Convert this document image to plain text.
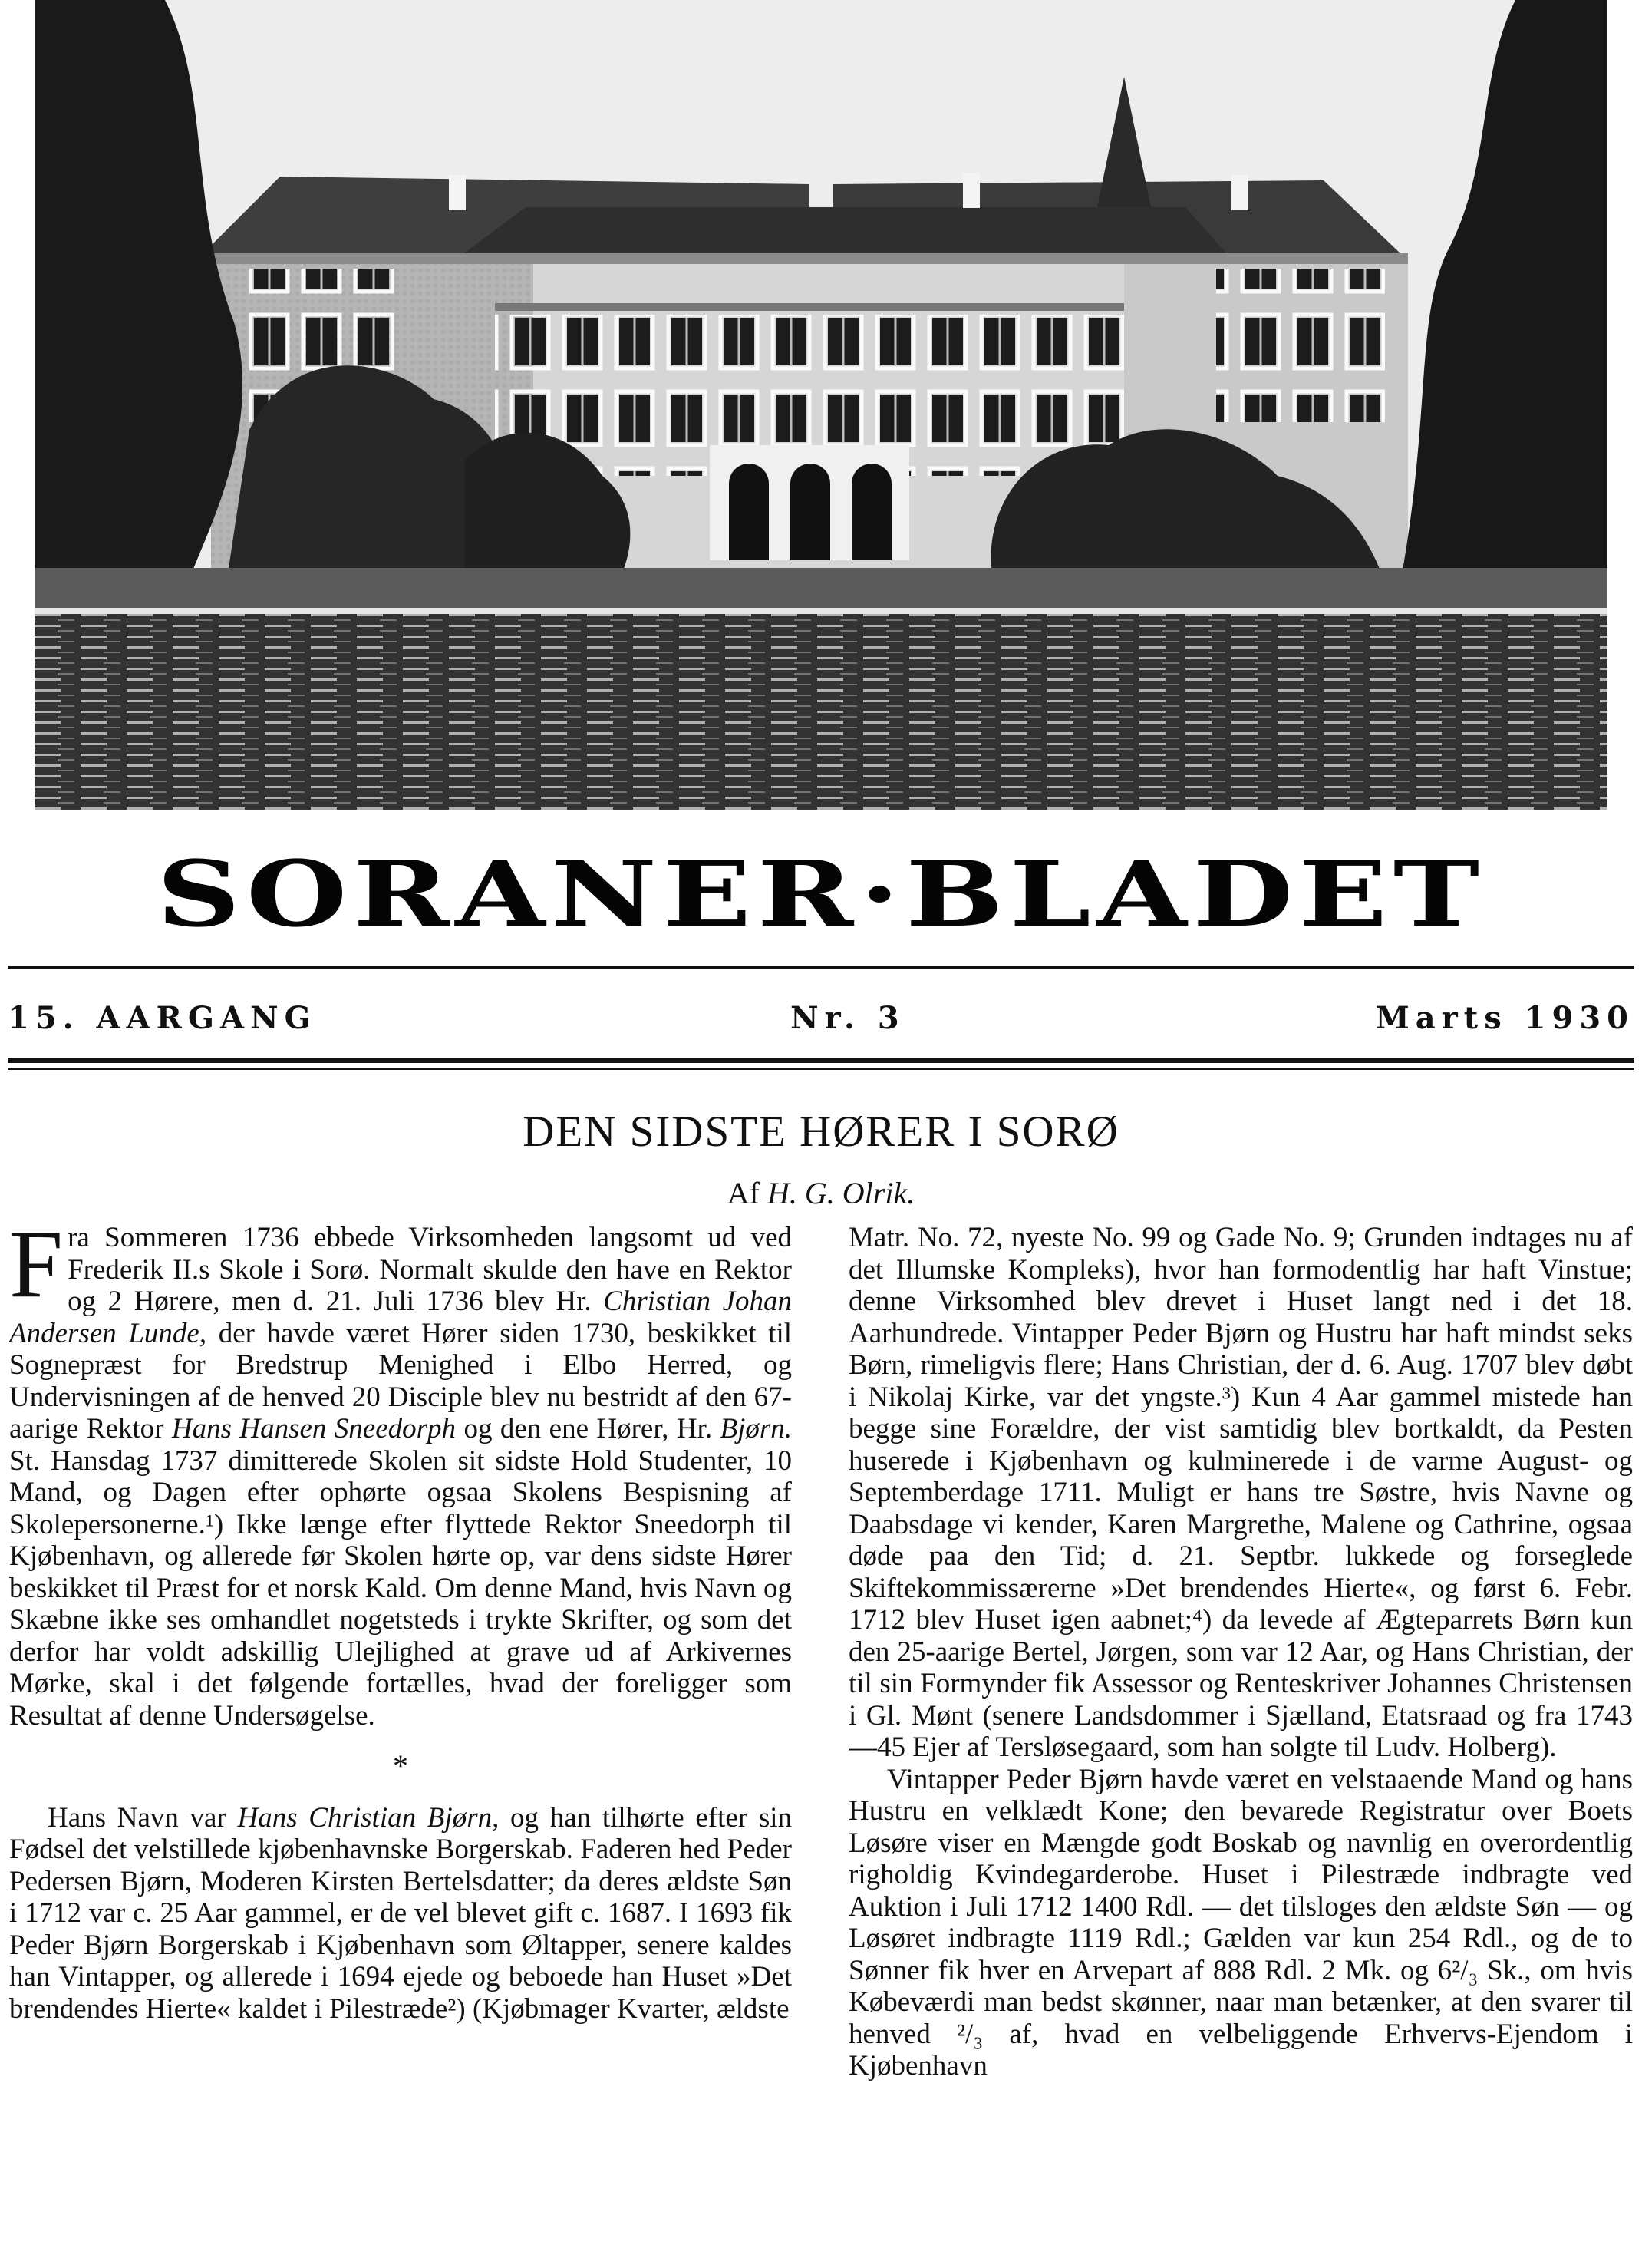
SORANER·BLADET
15. AARGANG	Nr. 3	Marts 1930
DEN SIDSTE HØRER I SORØ
Af H. G. Olrik.

Fra Sommeren 1736 ebbede Virksomheden langsomt ud ved Frederik II.s Skole i Sorø. Normalt skulde den have en Rektor og 2 Hørere, men d. 21. Juli 1736 blev Hr. Christian Johan Andersen Lunde, der havde været Hører siden 1730, beskikket til Sognepræst for Bredstrup Menighed i Elbo Herred, og Undervisningen af de henved 20 Disciple blev nu bestridt af den 67-aarige Rektor Hans Hansen Sneedorph og den ene Hører, Hr. Bjørn. St. Hansdag 1737 dimitterede Skolen sit sidste Hold Studenter, 10 Mand, og Dagen efter ophørte ogsaa Skolens Bespisning af Skolepersonerne.¹) Ikke længe efter flyttede Rektor Sneedorph til Kjøbenhavn, og allerede før Skolen hørte op, var dens sidste Hører beskikket til Præst for et norsk Kald. Om denne Mand, hvis Navn og Skæbne ikke ses omhandlet nogetsteds i trykte Skrifter, og som det derfor har voldt adskillig Ulejlighed at grave ud af Arkivernes Mørke, skal i det følgende fortælles, hvad der foreligger som Resultat af denne Undersøgelse.

*

Hans Navn var Hans Christian Bjørn, og han tilhørte efter sin Fødsel det velstillede kjøbenhavnske Borgerskab. Faderen hed Peder Pedersen Bjørn, Moderen Kirsten Bertelsdatter; da deres ældste Søn i 1712 var c. 25 Aar gammel, er de vel blevet gift c. 1687. I 1693 fik Peder Bjørn Borgerskab i Kjøbenhavn som Øltapper, senere kaldes han Vintapper, og allerede i 1694 ejede og beboede han Huset »Det brendendes Hierte« kaldet i Pilestræde²) (Kjøbmager Kvarter, ældste

Matr. No. 72, nyeste No. 99 og Gade No. 9; Grunden indtages nu af det Illumske Kompleks), hvor han formodentlig har haft Vinstue; denne Virksomhed blev drevet i Huset langt ned i det 18. Aarhundrede. Vintapper Peder Bjørn og Hustru har haft mindst seks Børn, rimeligvis flere; Hans Christian, der d. 6. Aug. 1707 blev døbt i Nikolaj Kirke, var det yngste.³) Kun 4 Aar gammel mistede han begge sine Forældre, der vist samtidig blev bortkaldt, da Pesten huserede i Kjøbenhavn og kulminerede i de varme August- og Septemberdage 1711. Muligt er hans tre Søstre, hvis Navne og Daabsdage vi kender, Karen Margrethe, Malene og Cathrine, ogsaa døde paa den Tid; d. 21. Septbr. lukkede og forseglede Skiftekommissærerne »Det brendendes Hierte«, og først 6. Febr. 1712 blev Huset igen aabnet;⁴) da levede af Ægteparrets Børn kun den 25-aarige Bertel, Jørgen, som var 12 Aar, og Hans Christian, der til sin Formynder fik Assessor og Renteskriver Johannes Christensen i Gl. Mønt (senere Landsdommer i Sjælland, Etatsraad og fra 1743—45 Ejer af Tersløsegaard, som han solgte til Ludv. Holberg).

Vintapper Peder Bjørn havde været en velstaaende Mand og hans Hustru en velklædt Kone; den bevarede Registratur over Boets Løsøre viser en Mængde godt Boskab og navnlig en overordentlig righoldig Kvindegarderobe. Huset i Pilestræde indbragte ved Auktion i Juli 1712 1400 Rdl. — det tilsloges den ældste Søn — og Løsøret indbragte 1119 Rdl.; Gælden var kun 254 Rdl., og de to Sønner fik hver en Arvepart af 888 Rdl. 2 Mk. og 6²/₃ Sk., om hvis Købeværdi man bedst skønner, naar man betænker, at den svarer til henved ²/₃ af, hvad en velbeliggende Erhvervs-Ejendom i Kjøbenhavn
